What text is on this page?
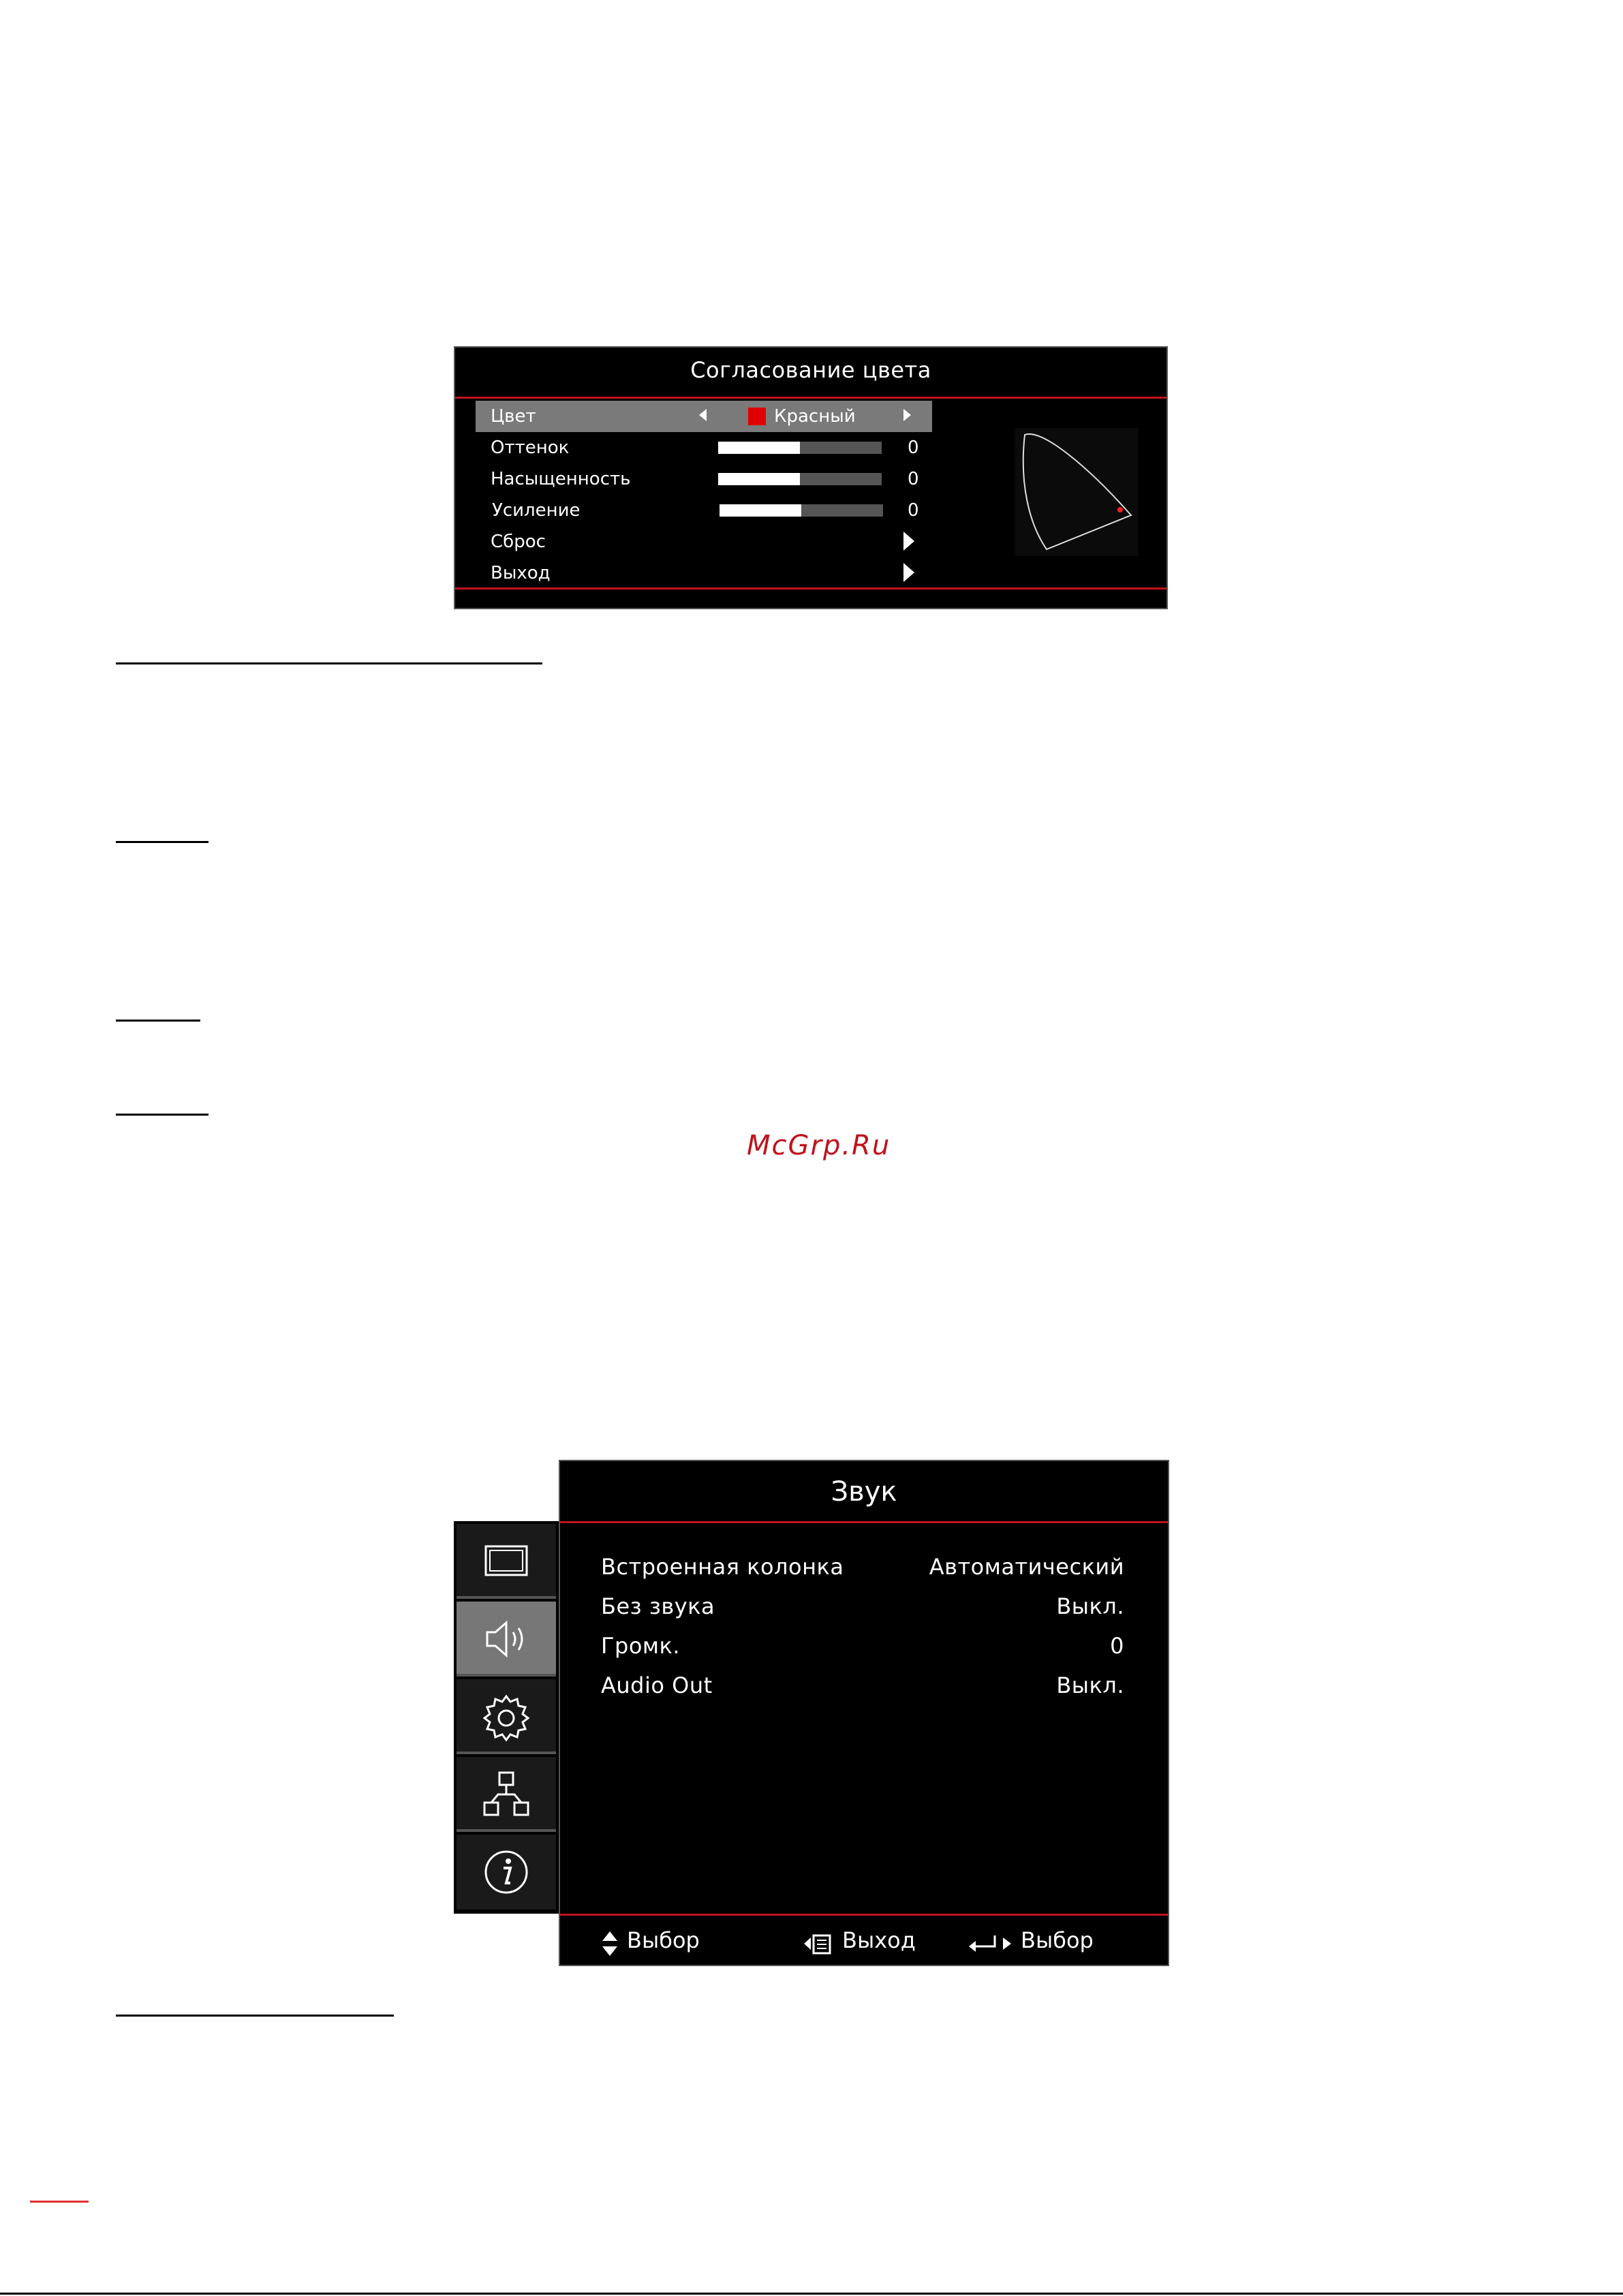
Согласование цвета
Цвет	Красный
Оттенок	0
Насыщенность	0
Усиление	0
Сброс
Выход
McGrp.Ru
Звук
Встроенная колонка	Автоматический
Без звука	Выкл.
Громк.	0
Audio Out	Выкл.
Выбор	Выход	Выбор
